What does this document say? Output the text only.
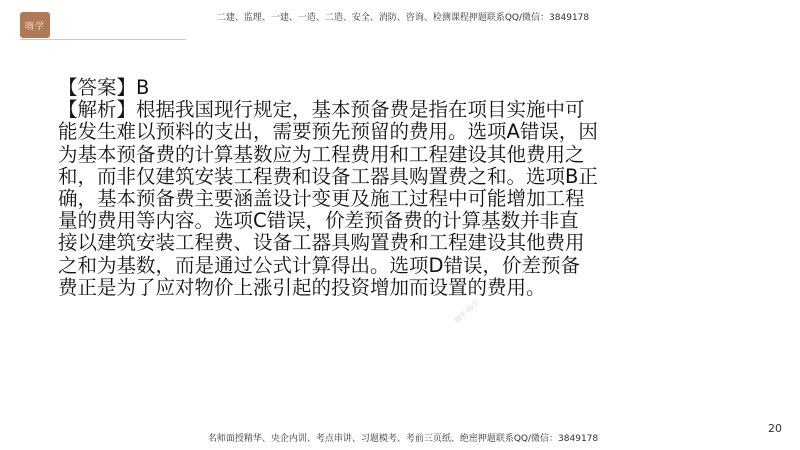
嗨学
二建、监理、一建、一造、二造、安全、消防、咨询、检测课程押题联系QQ/微信：3849178

【答案】B

【解析】根据我国现行规定，基本预备费是指在项目实施中可能发生难以预料的支出，需要预先预留的费用。选项A错误，因为基本预备费的计算基数应为工程费用和工程建设其他费用之和，而非仅建筑安装工程费和设备工器具购置费之和。选项B正确，基本预备费主要涵盖设计变更及施工过程中可能增加工程量的费用等内容。选项C错误，价差预备费的计算基数并非直接以建筑安装工程费、设备工器具购置费和工程建设其他费用之和为基数，而是通过公式计算得出。选项D错误，价差预备费正是为了应对物价上涨引起的投资增加而设置的费用。

嗨学·嗨学
名师面授精华、央企内训、考点串讲、习题模考、考前三页纸、绝密押题联系QQ/微信：3849178
20
